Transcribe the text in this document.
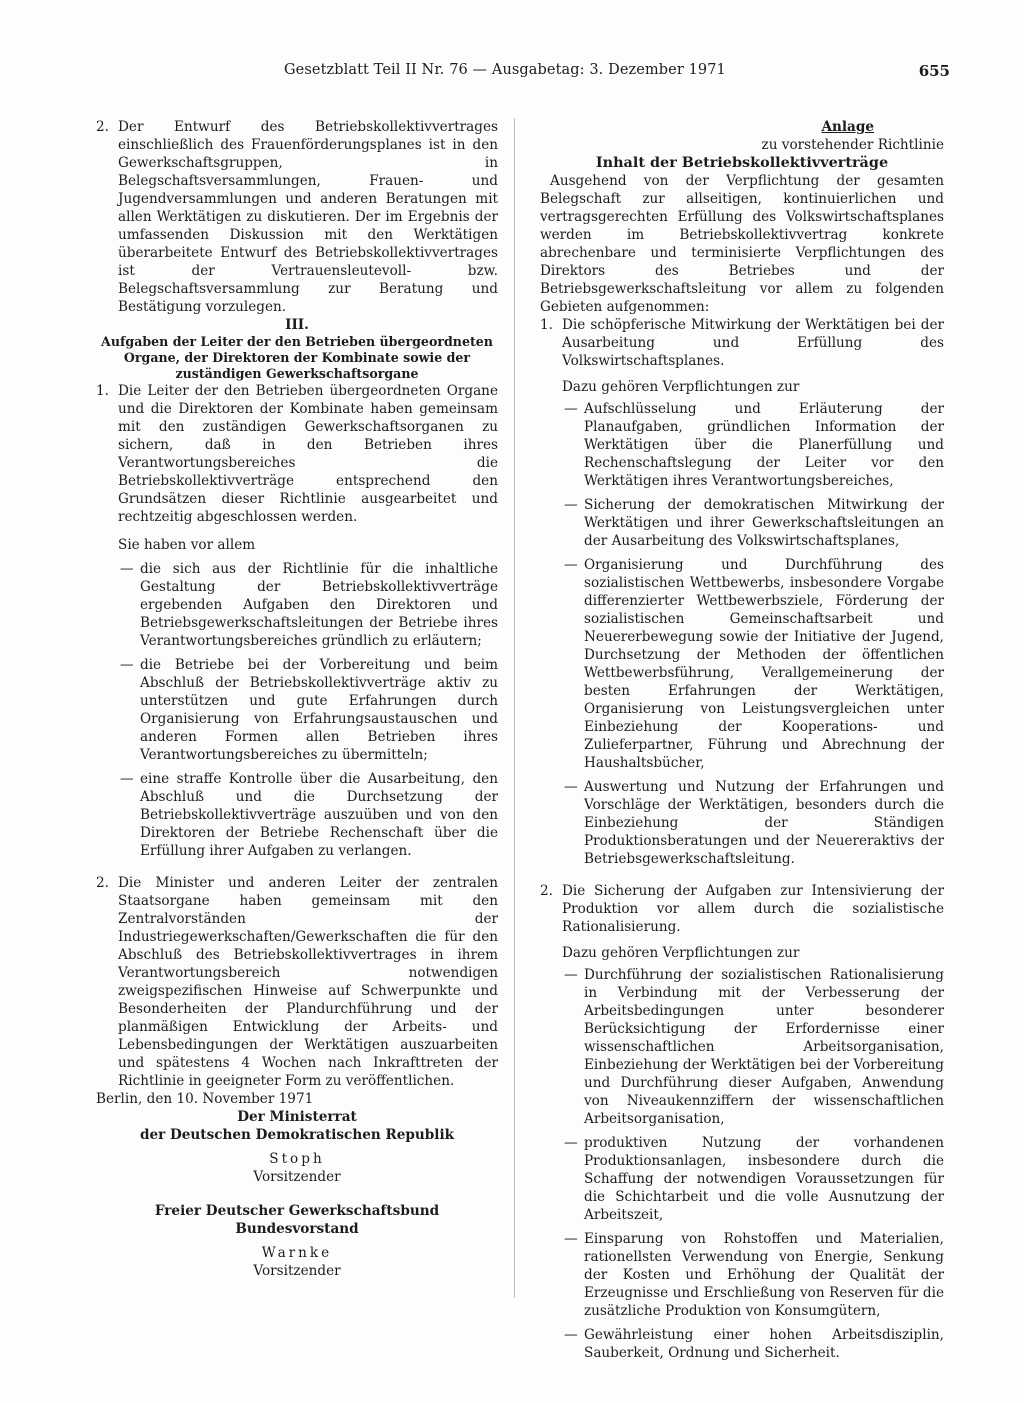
Gesetzblatt Teil II Nr. 76 — Ausgabetag: 3. Dezember 1971	655
2. Der Entwurf des Betriebskollektivvertrages einschließlich des Frauenförderungsplanes ist in den Gewerkschaftsgruppen, in Belegschaftsversammlungen, Frauen- und Jugendversammlungen und anderen Beratungen mit allen Werktätigen zu diskutieren. Der im Ergebnis der umfassenden Diskussion mit den Werktätigen überarbeitete Entwurf des Betriebskollektivvertrages ist der Vertrauensleutevoll- bzw. Belegschaftsversammlung zur Beratung und Bestätigung vorzulegen.

III.

Aufgaben der Leiter der den Betrieben übergeordneten Organe, der Direktoren der Kombinate sowie der zuständigen Gewerkschaftsorgane

1. Die Leiter der den Betrieben übergeordneten Organe und die Direktoren der Kombinate haben gemeinsam mit den zuständigen Gewerkschaftsorganen zu sichern, daß in den Betrieben ihres Verantwortungsbereiches die Betriebskollektivverträge entsprechend den Grundsätzen dieser Richtlinie ausgearbeitet und rechtzeitig abgeschlossen werden.

Sie haben vor allem

— die sich aus der Richtlinie für die inhaltliche Gestaltung der Betriebskollektivverträge ergebenden Aufgaben den Direktoren und Betriebsgewerkschaftsleitungen der Betriebe ihres Verantwortungsbereiches gründlich zu erläutern;

— die Betriebe bei der Vorbereitung und beim Abschluß der Betriebskollektivverträge aktiv zu unterstützen und gute Erfahrungen durch Organisierung von Erfahrungsaustauschen und anderen Formen allen Betrieben ihres Verantwortungsbereiches zu übermitteln;

— eine straffe Kontrolle über die Ausarbeitung, den Abschluß und die Durchsetzung der Betriebskollektivverträge auszuüben und von den Direktoren der Betriebe Rechenschaft über die Erfüllung ihrer Aufgaben zu verlangen.

2. Die Minister und anderen Leiter der zentralen Staatsorgane haben gemeinsam mit den Zentralvorständen der Industriegewerkschaften/Gewerkschaften die für den Abschluß des Betriebskollektivvertrages in ihrem Verantwortungsbereich notwendigen zweigspezifischen Hinweise auf Schwerpunkte und Besonderheiten der Plandurchführung und der planmäßigen Entwicklung der Arbeits- und Lebensbedingungen der Werktätigen auszuarbeiten und spätestens 4 Wochen nach Inkrafttreten der Richtlinie in geeigneter Form zu veröffentlichen.

Berlin, den 10. November 1971

Der Ministerrat

der Deutschen Demokratischen Republik

Stoph

Vorsitzender

Freier Deutscher Gewerkschaftsbund

Bundesvorstand

Warnke

Vorsitzender

Anlage

zu vorstehender Richtlinie

Inhalt der Betriebskollektivverträge

Ausgehend von der Verpflichtung der gesamten Belegschaft zur allseitigen, kontinuierlichen und vertragsgerechten Erfüllung des Volkswirtschaftsplanes werden im Betriebskollektivvertrag konkrete abrechenbare und terminisierte Verpflichtungen des Direktors des Betriebes und der Betriebsgewerkschaftsleitung vor allem zu folgenden Gebieten aufgenommen:

1. Die schöpferische Mitwirkung der Werktätigen bei der Ausarbeitung und Erfüllung des Volkswirtschaftsplanes.

Dazu gehören Verpflichtungen zur

— Aufschlüsselung und Erläuterung der Planaufgaben, gründlichen Information der Werktätigen über die Planerfüllung und Rechenschaftslegung der Leiter vor den Werktätigen ihres Verantwortungsbereiches,

— Sicherung der demokratischen Mitwirkung der Werktätigen und ihrer Gewerkschaftsleitungen an der Ausarbeitung des Volkswirtschaftsplanes,

— Organisierung und Durchführung des sozialistischen Wettbewerbs, insbesondere Vorgabe differenzierter Wettbewerbsziele, Förderung der sozialistischen Gemeinschaftsarbeit und Neuererbewegung sowie der Initiative der Jugend, Durchsetzung der Methoden der öffentlichen Wettbewerbsführung, Verallgemeinerung der besten Erfahrungen der Werktätigen, Organisierung von Leistungsvergleichen unter Einbeziehung der Kooperations- und Zulieferpartner, Führung und Abrechnung der Haushaltsbücher,

— Auswertung und Nutzung der Erfahrungen und Vorschläge der Werktätigen, besonders durch die Einbeziehung der Ständigen Produktionsberatungen und der Neuereraktivs der Betriebsgewerkschaftsleitung.

2. Die Sicherung der Aufgaben zur Intensivierung der Produktion vor allem durch die sozialistische Rationalisierung.

Dazu gehören Verpflichtungen zur

— Durchführung der sozialistischen Rationalisierung in Verbindung mit der Verbesserung der Arbeitsbedingungen unter besonderer Berücksichtigung der Erfordernisse einer wissenschaftlichen Arbeitsorganisation, Einbeziehung der Werktätigen bei der Vorbereitung und Durchführung dieser Aufgaben, Anwendung von Niveaukennziffern der wissenschaftlichen Arbeitsorganisation,

— produktiven Nutzung der vorhandenen Produktionsanlagen, insbesondere durch die Schaffung der notwendigen Voraussetzungen für die Schichtarbeit und die volle Ausnutzung der Arbeitszeit,

— Einsparung von Rohstoffen und Materialien, rationellsten Verwendung von Energie, Senkung der Kosten und Erhöhung der Qualität der Erzeugnisse und Erschließung von Reserven für die zusätzliche Produktion von Konsumgütern,

— Gewährleistung einer hohen Arbeitsdisziplin, Sauberkeit, Ordnung und Sicherheit.
